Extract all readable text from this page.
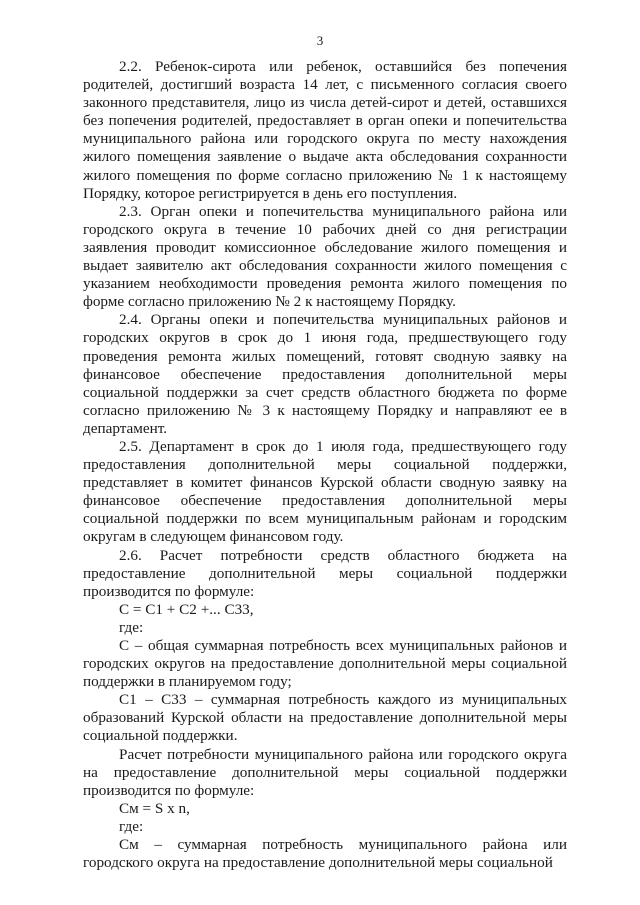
3

2.2. Ребенок-сирота или ребенок, оставшийся без попечения родителей, достигший возраста 14 лет, с письменного согласия своего законного представителя, лицо из числа детей-сирот и детей, оставшихся без попечения родителей, предоставляет в орган опеки и попечительства муниципального района или городского округа по месту нахождения жилого помещения заявление о выдаче акта обследования сохранности жилого помещения по форме согласно приложению № 1 к настоящему Порядку, которое регистрируется в день его поступления.

2.3. Орган опеки и попечительства муниципального района или городского округа в течение 10 рабочих дней со дня регистрации заявления проводит комиссионное обследование жилого помещения и выдает заявителю акт обследования сохранности жилого помещения с указанием необходимости проведения ремонта жилого помещения по форме согласно приложению № 2 к настоящему Порядку.

2.4. Органы опеки и попечительства муниципальных районов и городских округов в срок до 1 июня года, предшествующего году проведения ремонта жилых помещений, готовят сводную заявку на финансовое обеспечение предоставления дополнительной меры социальной поддержки за счет средств областного бюджета по форме согласно приложению № 3 к настоящему Порядку и направляют ее в департамент.

2.5. Департамент в срок до 1 июля года, предшествующего году предоставления дополнительной меры социальной поддержки, представляет в комитет финансов Курской области сводную заявку на финансовое обеспечение предоставления дополнительной меры социальной поддержки по всем муниципальным районам и городским округам в следующем финансовом году.

2.6. Расчет потребности средств областного бюджета на предоставление дополнительной меры социальной поддержки производится по формуле:

С = С1 + С2 +... С33,

где:

С – общая суммарная потребность всех муниципальных районов и городских округов на предоставление дополнительной меры социальной поддержки в планируемом году;

С1 – С33 – суммарная потребность каждого из муниципальных образований Курской области на предоставление дополнительной меры социальной поддержки.

Расчет потребности муниципального района или городского округа на предоставление дополнительной меры социальной поддержки производится по формуле:

См = S х n,

где:

См – суммарная потребность муниципального района или городского округа на предоставление дополнительной меры социальной
